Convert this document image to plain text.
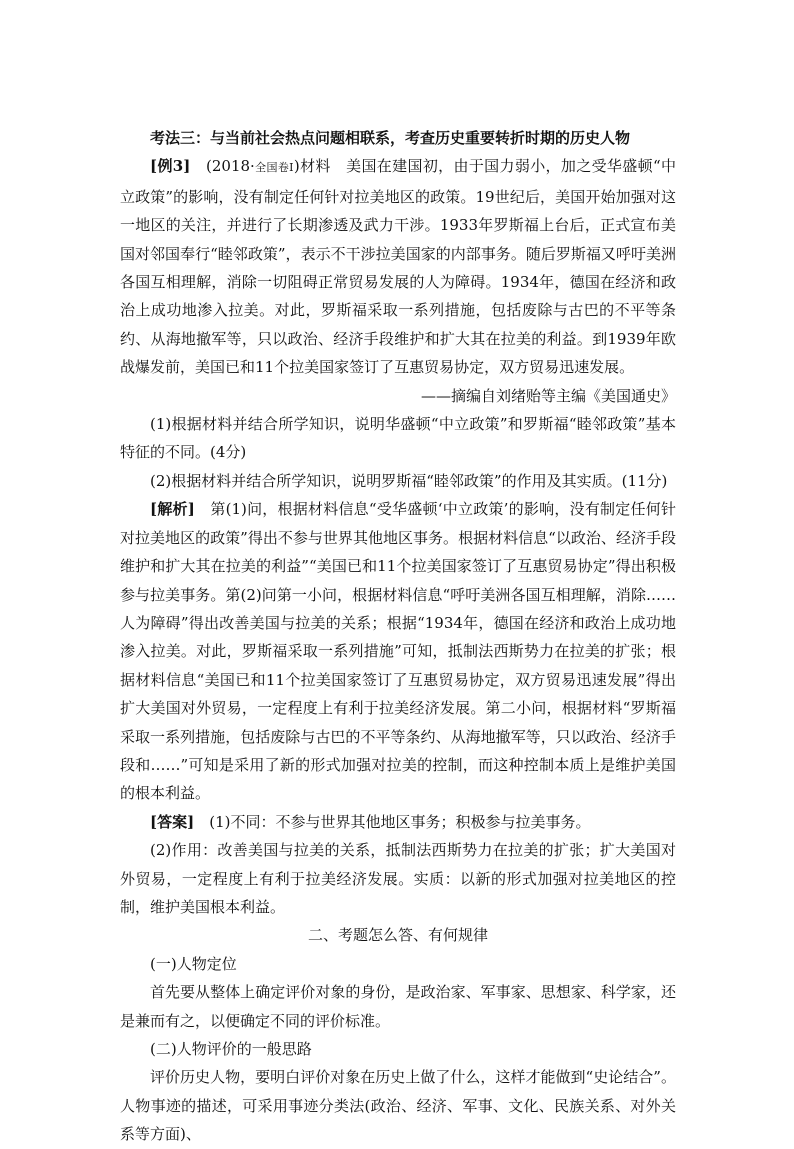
考法三：与当前社会热点问题相联系，考查历史重要转折时期的历史人物

[例3]　 (2018·全国卷Ⅰ)材料　美国在建国初，由于国力弱小，加之受华盛顿“中立政策”的影响，没有制定任何针对拉美地区的政策。19世纪后，美国开始加强对这一地区的关注，并进行了长期渗透及武力干涉。1933年罗斯福上台后，正式宣布美国对邻国奉行“睦邻政策”，表示不干涉拉美国家的内部事务。随后罗斯福又呼吁美洲各国互相理解，消除一切阻碍正常贸易发展的人为障碍。1934年，德国在经济和政治上成功地渗入拉美。对此，罗斯福采取一系列措施，包括废除与古巴的不平等条约、从海地撤军等，只以政治、经济手段维护和扩大其在拉美的利益。到1939年欧战爆发前，美国已和11个拉美国家签订了互惠贸易协定，双方贸易迅速发展。

——摘编自刘绪贻等主编《美国通史》

(1)根据材料并结合所学知识，说明华盛顿“中立政策”和罗斯福“睦邻政策”基本特征的不同。(4分)

(2)根据材料并结合所学知识，说明罗斯福“睦邻政策”的作用及其实质。(11分)

[解析]　 第(1)问，根据材料信息“受华盛顿‘中立政策’的影响，没有制定任何针对拉美地区的政策”得出不参与世界其他地区事务。根据材料信息“以政治、经济手段维护和扩大其在拉美的利益”“美国已和11个拉美国家签订了互惠贸易协定”得出积极参与拉美事务。第(2)问第一小问，根据材料信息“呼吁美洲各国互相理解，消除……人为障碍”得出改善美国与拉美的关系；根据“1934年，德国在经济和政治上成功地渗入拉美。对此，罗斯福采取一系列措施”可知，抵制法西斯势力在拉美的扩张；根据材料信息“美国已和11个拉美国家签订了互惠贸易协定，双方贸易迅速发展”得出扩大美国对外贸易，一定程度上有利于拉美经济发展。第二小问，根据材料“罗斯福采取一系列措施，包括废除与古巴的不平等条约、从海地撤军等，只以政治、经济手段和……”可知是采用了新的形式加强对拉美的控制，而这种控制本质上是维护美国的根本利益。

[答案]　 (1)不同：不参与世界其他地区事务；积极参与拉美事务。

(2)作用：改善美国与拉美的关系，抵制法西斯势力在拉美的扩张；扩大美国对外贸易，一定程度上有利于拉美经济发展。实质：以新的形式加强对拉美地区的控制，维护美国根本利益。

二、考题怎么答、有何规律

(一)人物定位

首先要从整体上确定评价对象的身份，是政治家、军事家、思想家、科学家，还是兼而有之，以便确定不同的评价标准。

(二)人物评价的一般思路

评价历史人物，要明白评价对象在历史上做了什么，这样才能做到“史论结合”。人物事迹的描述，可采用事迹分类法(政治、经济、军事、文化、民族关系、对外关系等方面)、
